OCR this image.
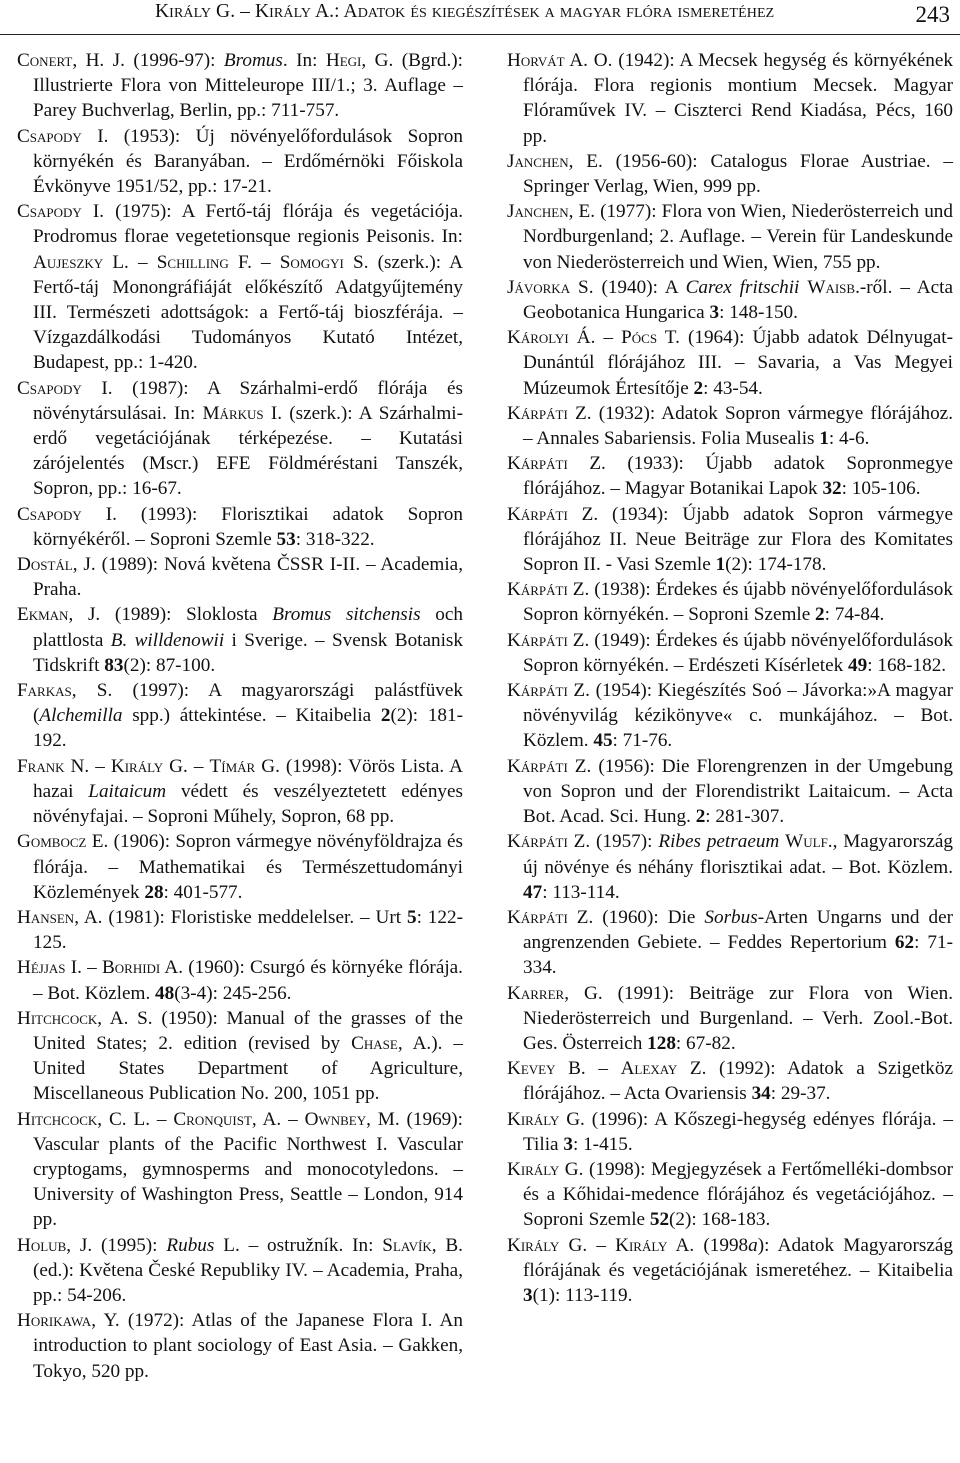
Király G. – Király A.: Adatok és kiegészítések a magyar flóra ismeretéhez	243

Conert, H. J. (1996-97): Bromus. In: Hegi, G. (Bgrd.): Illustrierte Flora von Mitteleurope III/1.; 3. Auflage – Parey Buchverlag, Berlin, pp.: 711-757.

Csapody I. (1953): Új növényelőfordulások Sopron környékén és Baranyában. – Erdőmérnöki Főiskola Évkönyve 1951/52, pp.: 17-21.

Csapody I. (1975): A Fertő-táj flórája és vegetációja. Prodromus florae vegetetionsque regionis Peisonis. In: Aujeszky L. – Schilling F. – Somogyi S. (szerk.): A Fertő-táj Monongráfiáját előkészítő Adatgyűjtemény III. Természeti adottságok: a Fertő-táj bioszférája. – Vízgazdálkodási Tudományos Kutató Intézet, Budapest, pp.: 1-420.

Csapody I. (1987): A Szárhalmi-erdő flórája és növénytársulásai. In: Márkus I. (szerk.): A Szárhalmi-erdő vegetációjának térképezése. – Kutatási zárójelentés (Mscr.) EFE Földméréstani Tanszék, Sopron, pp.: 16-67.

Csapody I. (1993): Florisztikai adatok Sopron környékéről. – Soproni Szemle 53: 318-322.

Dostál, J. (1989): Nová květena ČSSR I-II. – Academia, Praha.

Ekman, J. (1989): Sloklosta Bromus sitchensis och plattlosta B. willdenowii i Sverige. – Svensk Botanisk Tidskrift 83(2): 87-100.

Farkas, S. (1997): A magyarországi palástfüvek (Alchemilla spp.) áttekintése. – Kitaibelia 2(2): 181-192.

Frank N. – Király G. – Tímár G. (1998): Vörös Lista. A hazai Laitaicum védett és veszélyeztetett edényes növényfajai. – Soproni Műhely, Sopron, 68 pp.

Gombocz E. (1906): Sopron vármegye növényföldrajza és flórája. – Mathematikai és Természettudományi Közlemények 28: 401-577.

Hansen, A. (1981): Floristiske meddelelser. – Urt 5: 122-125.

Héjjas I. – Borhidi A. (1960): Csurgó és környéke flórája. – Bot. Közlem. 48(3-4): 245-256.

Hitchcock, A. S. (1950): Manual of the grasses of the United States; 2. edition (revised by Chase, A.). – United States Department of Agriculture, Miscellaneous Publication No. 200, 1051 pp.

Hitchcock, C. L. – Cronquist, A. – Ownbey, M. (1969): Vascular plants of the Pacific Northwest I. Vascular cryptogams, gymnosperms and monocotyledons. – University of Washington Press, Seattle – London, 914 pp.

Holub, J. (1995): Rubus L. – ostružník. In: Slavík, B. (ed.): Květena České Republiky IV. – Academia, Praha, pp.: 54-206.

Horikawa, Y. (1972): Atlas of the Japanese Flora I. An introduction to plant sociology of East Asia. – Gakken, Tokyo, 520 pp.

Horvát A. O. (1942): A Mecsek hegység és környékének flórája. Flora regionis montium Mecsek. Magyar Flóraművek IV. – Ciszterci Rend Kiadása, Pécs, 160 pp.

Janchen, E. (1956-60): Catalogus Florae Austriae. – Springer Verlag, Wien, 999 pp.

Janchen, E. (1977): Flora von Wien, Niederösterreich und Nordburgenland; 2. Auflage. – Verein für Landeskunde von Niederösterreich und Wien, Wien, 755 pp.

Jávorka S. (1940): A Carex fritschii Waisb.-ről. – Acta Geobotanica Hungarica 3: 148-150.

Károlyi Á. – Pócs T. (1964): Újabb adatok Délnyugat-Dunántúl flórájához III. – Savaria, a Vas Megyei Múzeumok Értesítője 2: 43-54.

Kárpáti Z. (1932): Adatok Sopron vármegye flórájához. – Annales Sabariensis. Folia Musealis 1: 4-6.

Kárpáti Z. (1933): Újabb adatok Sopronmegye flórájához. – Magyar Botanikai Lapok 32: 105-106.

Kárpáti Z. (1934): Újabb adatok Sopron vármegye flórájához II. Neue Beiträge zur Flora des Komitates Sopron II. - Vasi Szemle 1(2): 174-178.

Kárpáti Z. (1938): Érdekes és újabb növényelőfordulások Sopron környékén. – Soproni Szemle 2: 74-84.

Kárpáti Z. (1949): Érdekes és újabb növényelőfordulások Sopron környékén. – Erdészeti Kísérletek 49: 168-182.

Kárpáti Z. (1954): Kiegészítés Soó – Jávorka:»A magyar növényvilág kézikönyve« c. munkájához. – Bot. Közlem. 45: 71-76.

Kárpáti Z. (1956): Die Florengrenzen in der Umgebung von Sopron und der Florendistrikt Laitaicum. – Acta Bot. Acad. Sci. Hung. 2: 281-307.

Kárpáti Z. (1957): Ribes petraeum Wulf., Magyarország új növénye és néhány florisztikai adat. – Bot. Közlem. 47: 113-114.

Kárpáti Z. (1960): Die Sorbus-Arten Ungarns und der angrenzenden Gebiete. – Feddes Repertorium 62: 71-334.

Karrer, G. (1991): Beiträge zur Flora von Wien. Niederösterreich und Burgenland. – Verh. Zool.-Bot. Ges. Österreich 128: 67-82.

Kevey B. – Alexay Z. (1992): Adatok a Szigetköz flórájához. – Acta Ovariensis 34: 29-37.

Király G. (1996): A Kőszegi-hegység edényes flórája. – Tilia 3: 1-415.

Király G. (1998): Megjegyzések a Fertőmelléki-dombsor és a Kőhidai-medence flórájához és vegetációjához. – Soproni Szemle 52(2): 168-183.

Király G. – Király A. (1998a): Adatok Magyarország flórájának és vegetációjának ismeretéhez. – Kitaibelia 3(1): 113-119.
